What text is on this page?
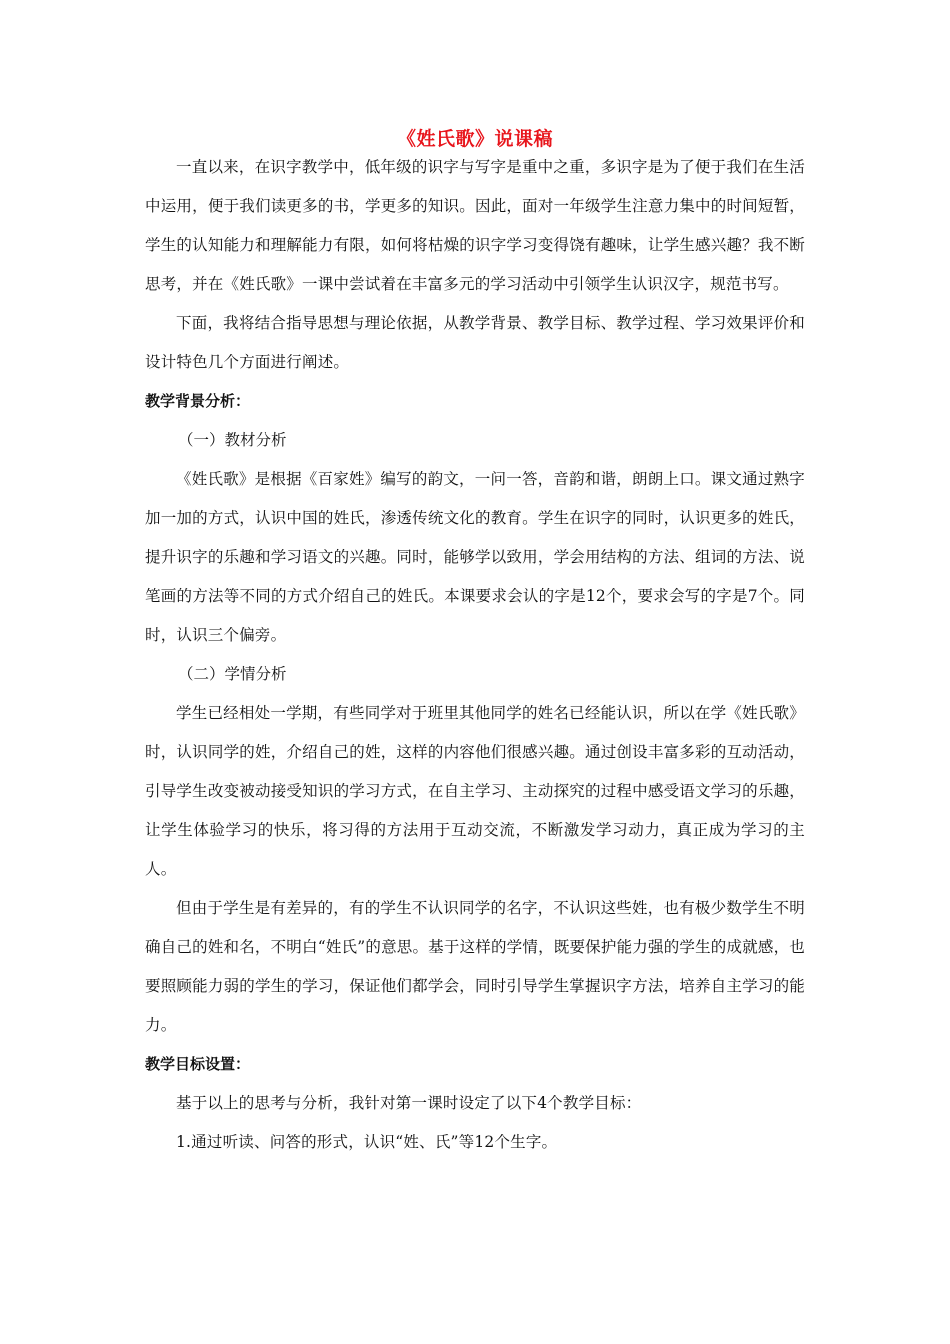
《姓氏歌》说课稿

一直以来，在识字教学中，低年级的识字与写字是重中之重，多识字是为了便于我们在生活中运用，便于我们读更多的书，学更多的知识。因此，面对一年级学生注意力集中的时间短暂，学生的认知能力和理解能力有限，如何将枯燥的识字学习变得饶有趣味，让学生感兴趣？我不断思考，并在《姓氏歌》一课中尝试着在丰富多元的学习活动中引领学生认识汉字，规范书写。

下面，我将结合指导思想与理论依据，从教学背景、教学目标、教学过程、学习效果评价和设计特色几个方面进行阐述。

教学背景分析：

（一）教材分析

《姓氏歌》是根据《百家姓》编写的韵文，一问一答，音韵和谐，朗朗上口。课文通过熟字加一加的方式，认识中国的姓氏，渗透传统文化的教育。学生在识字的同时，认识更多的姓氏，提升识字的乐趣和学习语文的兴趣。同时，能够学以致用，学会用结构的方法、组词的方法、说笔画的方法等不同的方式介绍自己的姓氏。本课要求会认的字是12个，要求会写的字是7个。同时，认识三个偏旁。

（二）学情分析

学生已经相处一学期，有些同学对于班里其他同学的姓名已经能认识，所以在学《姓氏歌》时，认识同学的姓，介绍自己的姓，这样的内容他们很感兴趣。通过创设丰富多彩的互动活动，引导学生改变被动接受知识的学习方式，在自主学习、主动探究的过程中感受语文学习的乐趣，让学生体验学习的快乐，将习得的方法用于互动交流，不断激发学习动力，真正成为学习的主人。

但由于学生是有差异的，有的学生不认识同学的名字，不认识这些姓，也有极少数学生不明确自己的姓和名，不明白“姓氏”的意思。基于这样的学情，既要保护能力强的学生的成就感，也要照顾能力弱的学生的学习，保证他们都学会，同时引导学生掌握识字方法，培养自主学习的能力。

教学目标设置：

基于以上的思考与分析，我针对第一课时设定了以下4个教学目标：

1.通过听读、问答的形式，认识“姓、氏”等12个生字。
